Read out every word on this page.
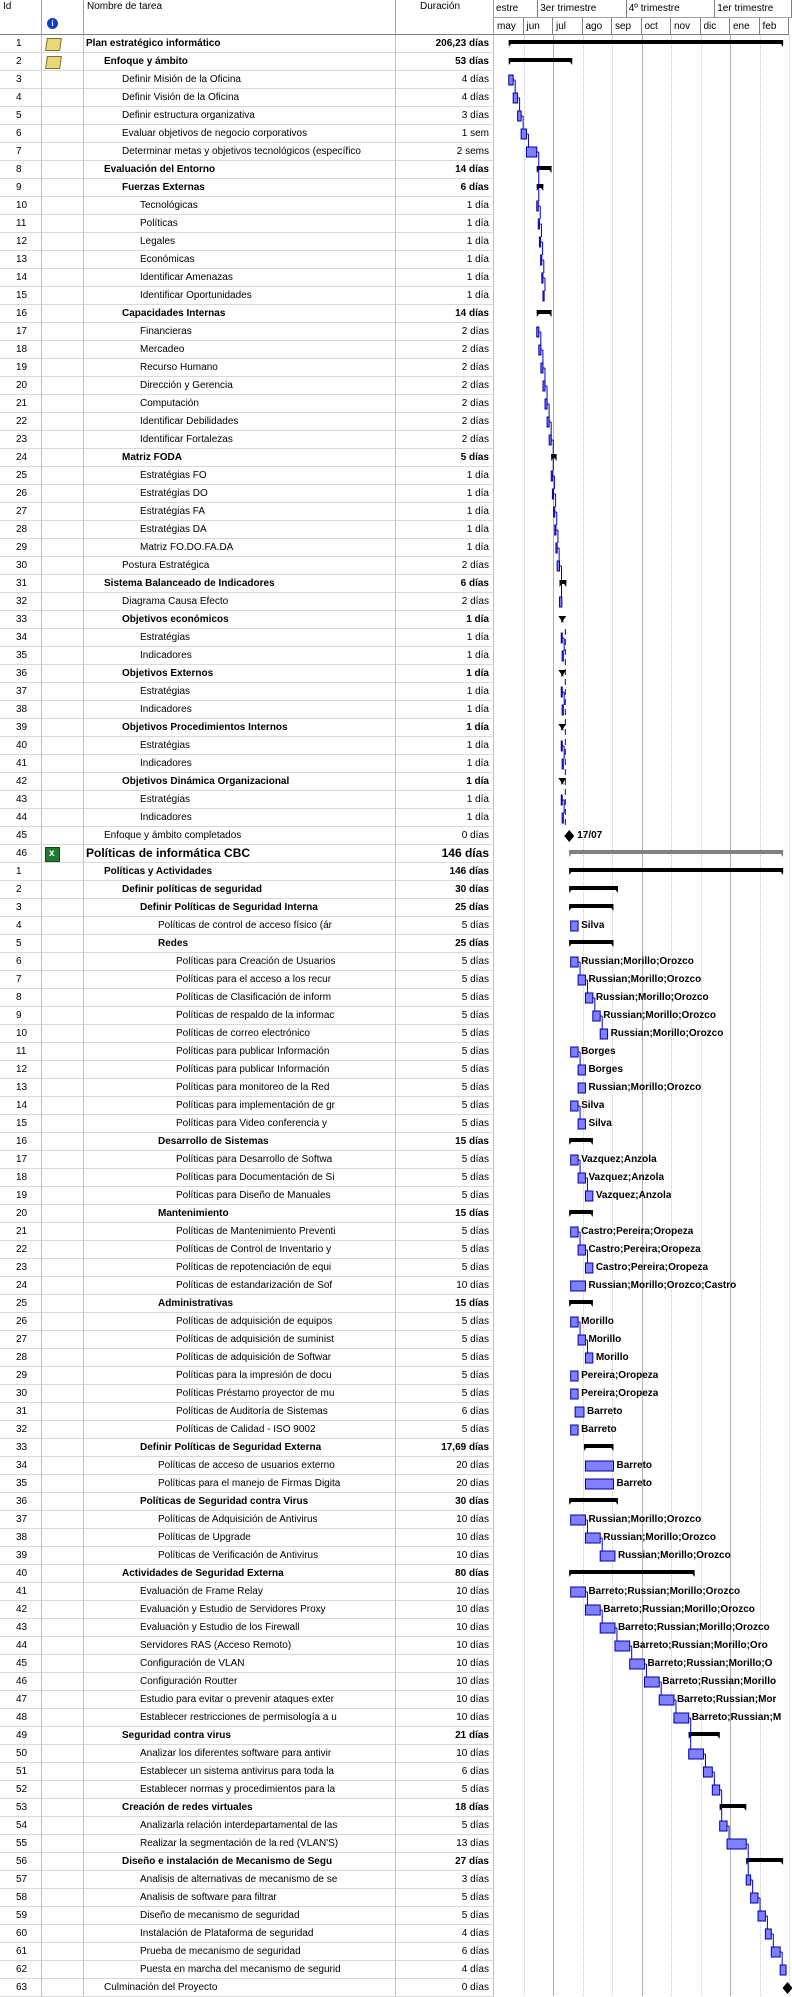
Id
i
Nombre de tarea	Duración
1	Plan estratégico informático	206,23 días
2	Enfoque y ámbito	53 días
3	Definir Misión de la Oficina	4 días
4	Definir Visión de la Oficina	4 días
5	Definir estructura organizativa	3 días
6	Evaluar objetivos de negocio corporativos	1 sem
7	Determinar metas y objetivos tecnológicos (específico	2 sems
8	Evaluación del Entorno	14 días
9	Fuerzas Externas	6 días
10	Tecnológicas	1 día
11	Políticas	1 día
12	Legales	1 día
13	Económicas	1 día
14	Identificar Amenazas	1 día
15	Identificar Oportunidades	1 día
16	Capacidades Internas	14 días
17	Financieras	2 días
18	Mercadeo	2 días
19	Recurso Humano	2 días
20	Dirección y Gerencia	2 días
21	Computación	2 días
22	Identificar Debilidades	2 días
23	Identificar Fortalezas	2 días
24	Matriz FODA	5 días
25	Estratégias FO	1 día
26	Estratégias DO	1 día
27	Estratégias FA	1 día
28	Estratégias DA	1 día
29	Matriz FO.DO.FA.DA	1 día
30	Postura Estratégica	2 días
31	Sistema Balanceado de Indicadores	6 días
32	Diagrama Causa Efecto	2 días
33	Objetivos económicos	1 día
34	Estratégias	1 día
35	Indicadores	1 día
36	Objetivos Externos	1 día
37	Estratégias	1 día
38	Indicadores	1 día
39	Objetivos Procedimientos Internos	1 día
40	Estratégias	1 día
41	Indicadores	1 día
42	Objetivos Dinámica Organizacional	1 día
43	Estratégias	1 día
44	Indicadores	1 día
45	Enfoque y ámbito completados	0 días
46
x	Políticas de informática CBC	146 días
1	Políticas y Actividades	146 días
2	Definir políticas de seguridad	30 días
3	Definir Políticas de Seguridad Interna	25 días
4	Políticas de control de acceso físico (ár	5 días
5	Redes	25 días
6	Políticas para Creación de Usuarios	5 días
7	Políticas para el acceso a los recur	5 días
8	Políticas de Clasificación de inform	5 días
9	Políticas de respaldo de la informac	5 días
10	Políticas de correo electrónico	5 días
11	Políticas para publicar Información	5 días
12	Políticas para publicar Información	5 días
13	Políticas para monitoreo de la Red	5 días
14	Políticas para implementación de gr	5 días
15	Políticas para Video conferencia y	5 días
16	Desarrollo de Sistemas	15 días
17	Políticas para Desarrollo de Softwa	5 días
18	Políticas para Documentación de Si	5 días
19	Políticas para Diseño de Manuales	5 días
20	Mantenimiento	15 días
21	Políticas de Mantenimiento Preventi	5 días
22	Políticas de Control de Inventario y	5 días
23	Políticas de repotenciación de equi	5 días
24	Políticas de estandarización de Sof	10 días
25	Administrativas	15 días
26	Políticas de adquisición de equipos	5 días
27	Políticas de adquisición de suminist	5 días
28	Políticas de adquisición de Softwar	5 días
29	Políticas para la impresión de docu	5 días
30	Políticas Préstamo proyector de mu	5 días
31	Políticas de Auditoría de Sistemas	6 días
32	Políticas de Calidad - ISO 9002	5 días
33	Definir Políticas de Seguridad Externa	17,69 días
34	Políticas de acceso de usuarios externo	20 días
35	Políticas para el manejo de Firmas Digita	20 días
36	Políticas de Seguridad contra Virus	30 días
37	Políticas de Adquisición de Antivirus	10 días
38	Políticas de Upgrade	10 días
39	Políticas de Verificación de Antivirus	10 días
40	Actividades de Seguridad Externa	80 días
41	Evaluación de Frame Relay	10 días
42	Evaluación y Estudio de Servidores Proxy	10 días
43	Evaluación y Estudio de los Firewall	10 días
44	Servidores RAS (Acceso Remoto)	10 días
45	Configuración de VLAN	10 días
46	Configuración Routter	10 días
47	Estudio para evitar o prevenir ataques exter	10 días
48	Establecer restricciones de permisología a u	10 días
49	Seguridad contra virus	21 días
50	Analizar los diferentes software para antivir	10 días
51	Establecer un sistema antivirus para toda la	6 días
52	Establecer normas y procedimientos para la	5 días
53	Creación de redes virtuales	18 días
54	Analizarla relación interdepartamental de las	5 días
55	Realizar la segmentación de la red (VLAN'S)	13 días
56	Diseño e instalación de Mecanismo de Segu	27 días
57	Analisis de alternativas de mecanismo de se	3 días
58	Analisis de software para filtrar	5 días
59	Diseño de mecanismo de seguridad	5 días
60	Instalación de Plataforma de seguridad	4 días
61	Prueba de mecanismo de seguridad	6 días
62	Puesta en marcha del mecanismo de segurid	4 días
63	Culminación del Proyecto	0 días
estre	3er trimestre	4º trimestre	1er trimestre
may	jun	jul	ago	sep	oct	nov	dic	ene	feb
17/07
Silva
Russian;Morillo;Orozco
Russian;Morillo;Orozco
Russian;Morillo;Orozco
Russian;Morillo;Orozco
Russian;Morillo;Orozco
Borges
Borges
Russian;Morillo;Orozco
Silva
Silva
Vazquez;Anzola
Vazquez;Anzola
Vazquez;Anzola
Castro;Pereira;Oropeza
Castro;Pereira;Oropeza
Castro;Pereira;Oropeza
Russian;Morillo;Orozco;Castro
Morillo
Morillo
Morillo
Pereira;Oropeza
Pereira;Oropeza
Barreto
Barreto
Barreto
Barreto
Russian;Morillo;Orozco
Russian;Morillo;Orozco
Russian;Morillo;Orozco
Barreto;Russian;Morillo;Orozco
Barreto;Russian;Morillo;Orozco
Barreto;Russian;Morillo;Orozco
Barreto;Russian;Morillo;Oro
Barreto;Russian;Morillo;O
Barreto;Russian;Morillo
Barreto;Russian;Mor
Barreto;Russian;M
